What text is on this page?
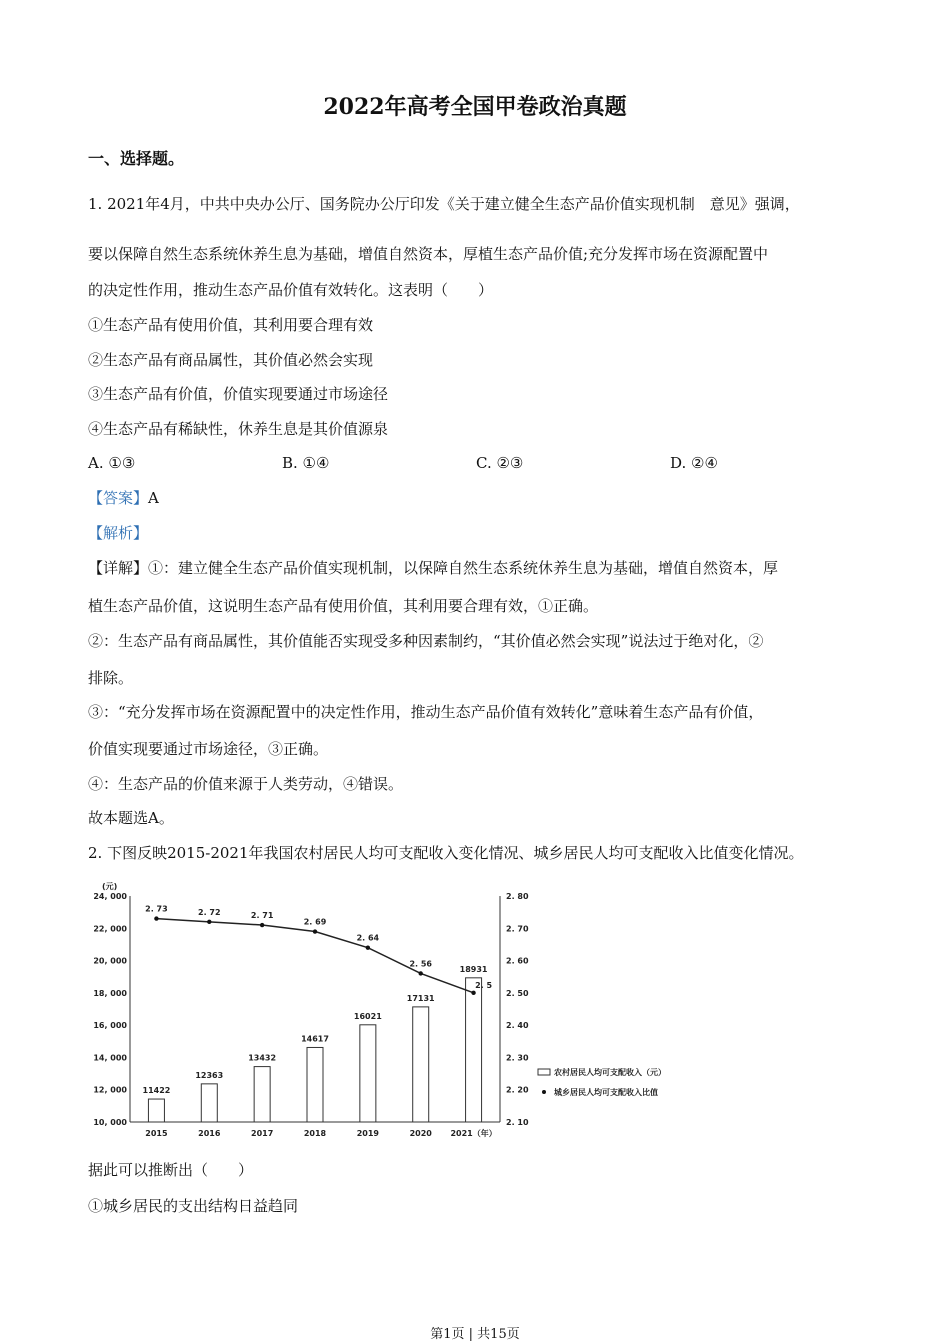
2022年高考全国甲卷政治真题
一、选择题。
1. 2021年4月，中共中央办公厅、国务院办公厅印发《关于建立健全生态产品价值实现机制　意见》强调，
要以保障自然生态系统休养生息为基础，增值自然资本，厚植生态产品价值;充分发挥市场在资源配置中
的决定性作用，推动生态产品价值有效转化。这表明（　　）
①生态产品有使用价值，其利用要合理有效
②生态产品有商品属性，其价值必然会实现
③生态产品有价值，价值实现要通过市场途径
④生态产品有稀缺性，休养生息是其价值源泉
A. ①③	B. ①④	C. ②③	D. ②④
【答案】A
【解析】
【详解】①：建立健全生态产品价值实现机制，以保障自然生态系统休养生息为基础，增值自然资本，厚
植生态产品价值，这说明生态产品有使用价值，其利用要合理有效，①正确。
②：生态产品有商品属性，其价值能否实现受多种因素制约，“其价值必然会实现”说法过于绝对化，②
排除。
③：“充分发挥市场在资源配置中的决定性作用，推动生态产品价值有效转化”意味着生态产品有价值，
价值实现要通过市场途径，③正确。
④：生态产品的价值来源于人类劳动，④错误。
故本题选A。
2. 下图反映2015-2021年我国农村居民人均可支配收入变化情况、城乡居民人均可支配收入比值变化情况。
(元)
24, 000
22, 000
20, 000
18, 000
16, 000
14, 000
12, 000
10, 000
2. 80
2. 70
2. 60
2. 50
2. 40
2. 30
2. 20
2. 10
2015	2016	2017	2018	2019	2020 2021（年）
11422
12363
13432
14617
16021
17131
18931
2. 73	2. 72	2. 71
2. 69
2. 64
2. 56
2. 5
农村居民人均可支配收入（元）
城乡居民人均可支配收入比值
据此可以推断出（　　）
①城乡居民的支出结构日益趋同
第1页 | 共15页
